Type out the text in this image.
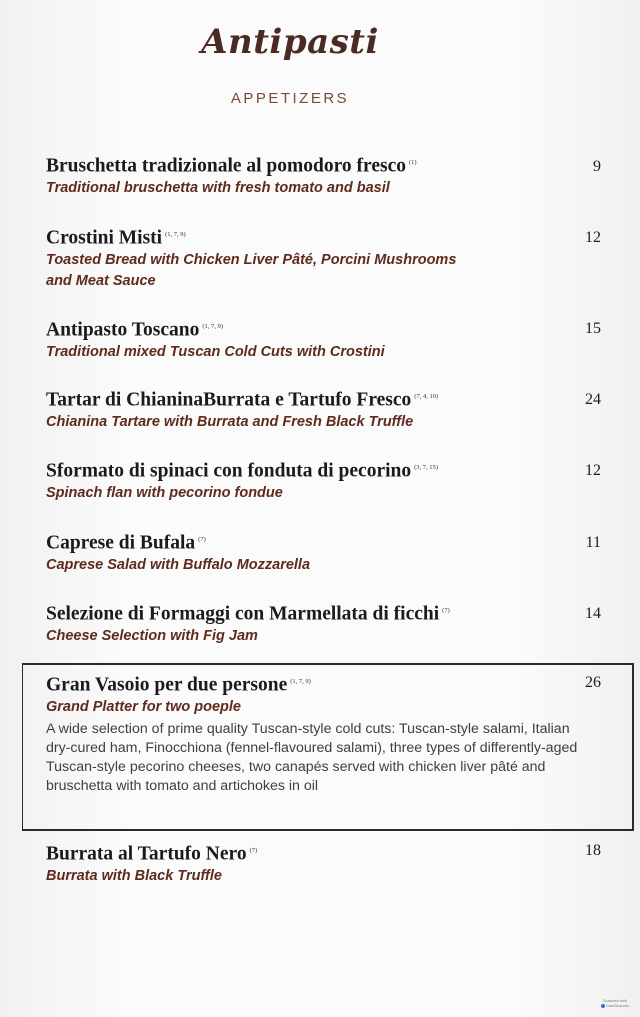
Antipasti
APPETIZERS
Bruschetta tradizionale al pomodoro fresco $^{(1)}$
Traditional bruschetta with fresh tomato and basil
9
Crostini Misti $^{(1, 7, 9)}$
Toasted Bread with Chicken Liver Pâté, Porcini Mushrooms and Meat Sauce
12
Antipasto Toscano $^{(1, 7, 9)}$
Traditional mixed Tuscan Cold Cuts with Crostini
15
Tartar di ChianinaBurrata e Tartufo Fresco $^{(7, 4, 10)}$
Chianina Tartare with Burrata and Fresh Black Truffle
24
Sformato di spinaci con fonduta di pecorino $^{(3, 7, 15)}$
Spinach flan with pecorino fondue
12
Caprese di Bufala $^{(7)}$
Caprese Salad with Buffalo Mozzarella
11
Selezione di Formaggi con Marmellata di ficchi $^{(7)}$
Cheese Selection with Fig Jam
14
Gran Vasoio per due persone $^{(1, 7, 9)}$
Grand Platter for two poeple
A wide selection of prime quality Tuscan-style cold cuts: Tuscan-style salami, Italian dry-cured ham, Finocchiona (fennel-flavoured salami), three types of differently-aged Tuscan-style pecorino cheeses, two canapés served with chicken liver pâté and bruschetta with tomato and artichokes in oil
26
Burrata al Tartufo Nero $^{(7)}$
Burrata with Black Truffle
18
Scanned with
CamScanner
